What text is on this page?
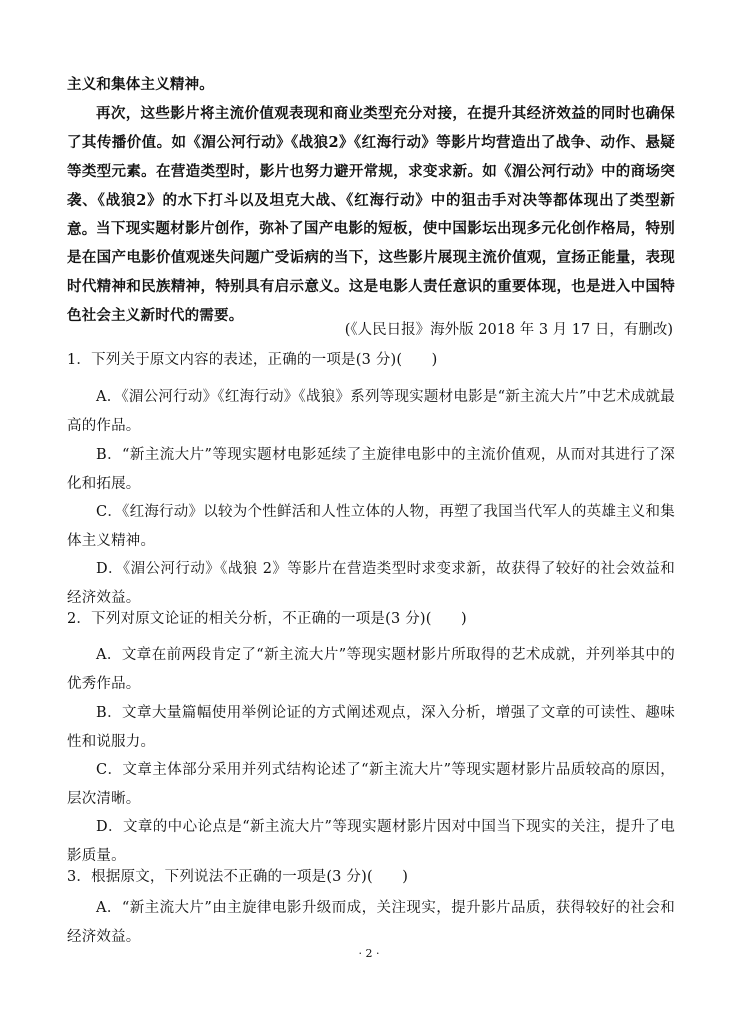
主义和集体主义精神。

再次，这些影片将主流价值观表现和商业类型充分对接，在提升其经济效益的同时也确保了其传播价值。如《湄公河行动》《战狼2》《红海行动》等影片均营造出了战争、动作、悬疑等类型元素。在营造类型时，影片也努力避开常规，求变求新。如《湄公河行动》中的商场突袭、《战狼2》的水下打斗以及坦克大战、《红海行动》中的狙击手对决等都体现出了类型新意。 当下现实题材影片创作，弥补了国产电影的短板，使中国影坛出现多元化创作格局，特别是在国产电影价值观迷失问题广受诟病的当下，这些影片展现主流价值观，宣扬正能量，表现时代精神和民族精神，特别具有启示意义。这是电影人责任意识的重要体现，也是进入中国特色社会主义新时代的需要。

(《人民日报》海外版 2018 年 3 月 17 日，有删改)

1．下列关于原文内容的表述，正确的一项是(3 分)(　　)

A．《湄公河行动》《红海行动》《战狼》系列等现实题材电影是“新主流大片”中艺术成就最高的作品。

B．“新主流大片”等现实题材电影延续了主旋律电影中的主流价值观，从而对其进行了深化和拓展。

C．《红海行动》以较为个性鲜活和人性立体的人物，再塑了我国当代军人的英雄主义和集体主义精神。

D．《湄公河行动》《战狼 2》等影片在营造类型时求变求新，故获得了较好的社会效益和经济效益。

2．下列对原文论证的相关分析，不正确的一项是(3 分)(　　)

A．文章在前两段肯定了“新主流大片”等现实题材影片所取得的艺术成就，并列举其中的优秀作品。

B．文章大量篇幅使用举例论证的方式阐述观点，深入分析，增强了文章的可读性、趣味性和说服力。

C．文章主体部分采用并列式结构论述了“新主流大片”等现实题材影片品质较高的原因，层次清晰。

D．文章的中心论点是“新主流大片”等现实题材影片因对中国当下现实的关注，提升了电影质量。

3．根据原文，下列说法不正确的一项是(3 分)(　　)

A．“新主流大片”由主旋律电影升级而成，关注现实，提升影片品质，获得较好的社会和经济效益。

· 2 ·
